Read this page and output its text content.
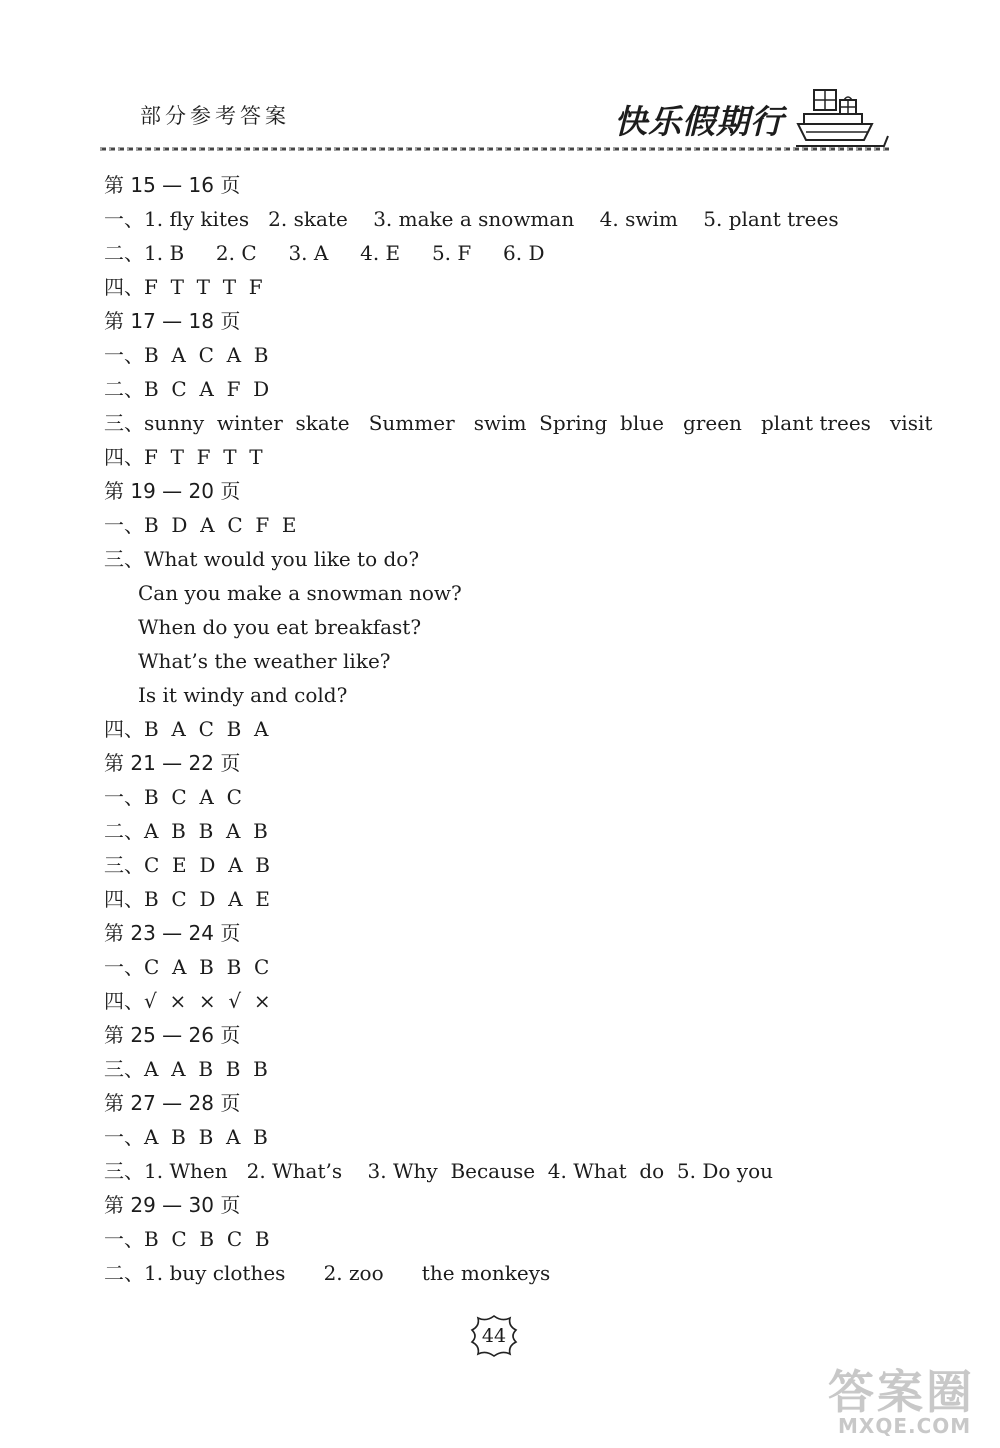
部分参考答案	快乐假期行
第 15 — 16 页
一、1. fly kites   2. skate    3. make a snowman    4. swim    5. plant trees
二、1. B     2. C     3. A     4. E     5. F     6. D
四、F  T  T  T  F
第 17 — 18 页
一、B  A  C  A  B
二、B  C  A  F  D
三、sunny  winter  skate   Summer   swim  Spring  blue   green   plant trees   visit
四、F  T  F  T  T
第 19 — 20 页
一、B  D  A  C  F  E
三、What would you like to do?
Can you make a snowman now?
When do you eat breakfast?
What’s the weather like?
Is it windy and cold?
四、B  A  C  B  A
第 21 — 22 页
一、B  C  A  C
二、A  B  B  A  B
三、C  E  D  A  B
四、B  C  D  A  E
第 23 — 24 页
一、C  A  B  B  C
四、√  ×  ×  √  ×
第 25 — 26 页
三、A  A  B  B  B
第 27 — 28 页
一、A  B  B  A  B
三、1. When   2. What’s    3. Why  Because  4. What  do  5. Do you
第 29 — 30 页
一、B  C  B  C  B
二、1. buy clothes      2. zoo      the monkeys
44
答案圈
MXQE.COM
